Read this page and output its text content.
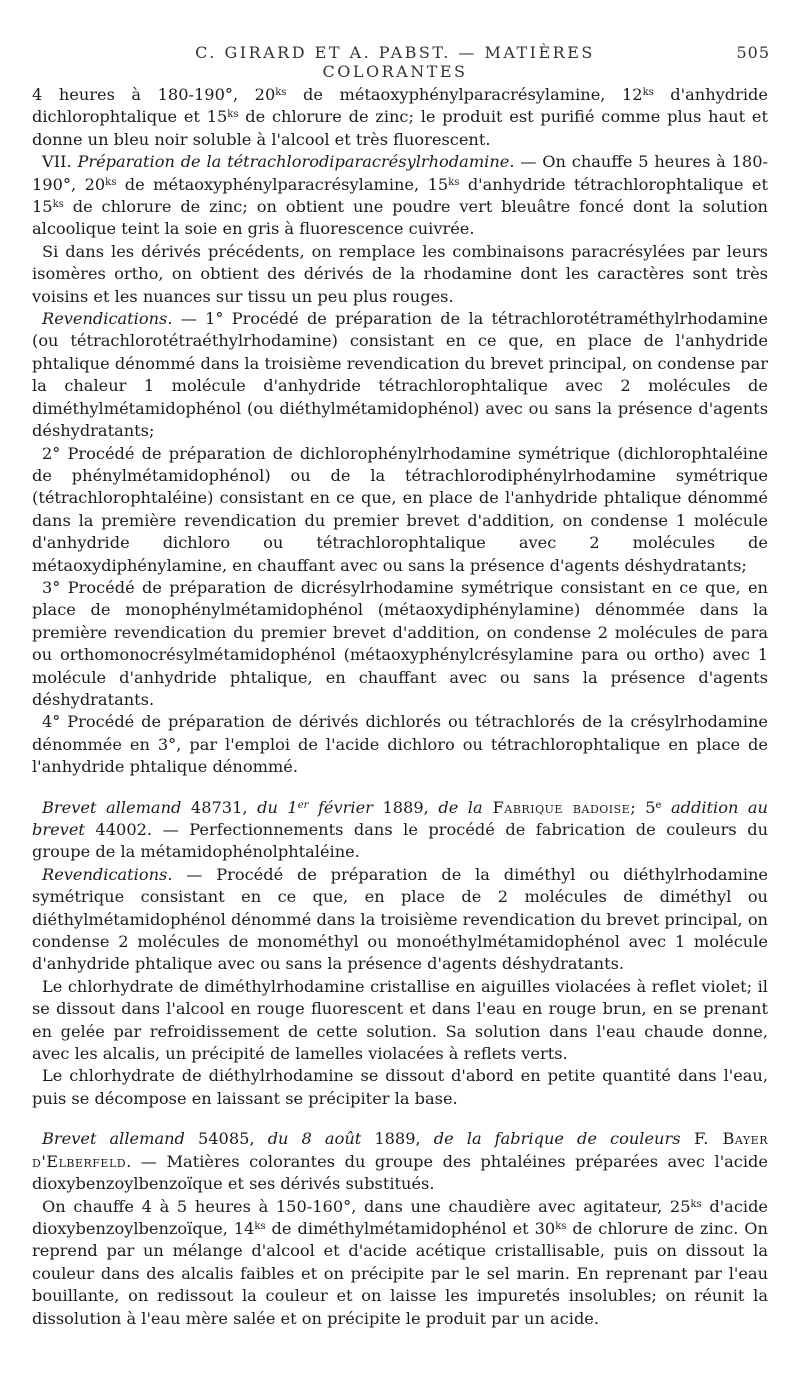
C. GIRARD ET A. PABST. — MATIÈRES COLORANTES
505

4 heures à 180-190°, $20^{ks}$ de métaoxyphénylparacrésylamine, $12^{ks}$ d'anhydride dichlorophtalique et $15^{ks}$ de chlorure de zinc; le produit est purifié comme plus haut et donne un bleu noir soluble à l'alcool et très fluorescent.

VII. Préparation de la tétrachlorodiparacrésylrhodamine. — On chauffe 5 heures à 180-190°, $20^{ks}$ de métaoxyphénylparacrésylamine, $15^{ks}$ d'anhydride tétrachlorophtalique et $15^{ks}$ de chlorure de zinc; on obtient une poudre vert bleuâtre foncé dont la solution alcoolique teint la soie en gris à fluorescence cuivrée.

Si dans les dérivés précédents, on remplace les combinaisons paracrésylées par leurs isomères ortho, on obtient des dérivés de la rhodamine dont les caractères sont très voisins et les nuances sur tissu un peu plus rouges.

Revendications. — 1° Procédé de préparation de la tétrachlorotétraméthylrhodamine (ou tétrachlorotétraéthylrhodamine) consistant en ce que, en place de l'anhydride phtalique dénommé dans la troisième revendication du brevet principal, on condense par la chaleur 1 molécule d'anhydride tétrachlorophtalique avec 2 molécules de diméthylmétamidophénol (ou diéthylmétamidophénol) avec ou sans la présence d'agents déshydratants;

2° Procédé de préparation de dichlorophénylrhodamine symétrique (dichlorophtaléine de phénylmétamidophénol) ou de la tétrachlorodiphénylrhodamine symétrique (tétrachlorophtaléine) consistant en ce que, en place de l'anhydride phtalique dénommé dans la première revendication du premier brevet d'addition, on condense 1 molécule d'anhydride dichloro ou tétrachlorophtalique avec 2 molécules de métaoxydiphénylamine, en chauffant avec ou sans la présence d'agents déshydratants;

3° Procédé de préparation de dicrésylrhodamine symétrique consistant en ce que, en place de monophénylmétamidophénol (métaoxydiphénylamine) dénommée dans la première revendication du premier brevet d'addition, on condense 2 molécules de para ou orthomonocrésylmétamidophénol (métaoxyphénylcrésylamine para ou ortho) avec 1 molécule d'anhydride phtalique, en chauffant avec ou sans la présence d'agents déshydratants.

4° Procédé de préparation de dérivés dichlorés ou tétrachlorés de la crésylrhodamine dénommée en 3°, par l'emploi de l'acide dichloro ou tétrachlorophtalique en place de l'anhydride phtalique dénommé.

Brevet allemand 48731, du 1er février 1889, de la Fabrique badoise; 5e addition au brevet 44002. — Perfectionnements dans le procédé de fabrication de couleurs du groupe de la métamidophénolphtaléine.

Revendications. — Procédé de préparation de la diméthyl ou diéthylrhodamine symétrique consistant en ce que, en place de 2 molécules de diméthyl ou diéthylmétamidophénol dénommé dans la troisième revendication du brevet principal, on condense 2 molécules de monométhyl ou monoéthylmétamidophénol avec 1 molécule d'anhydride phtalique avec ou sans la présence d'agents déshydratants.

Le chlorhydrate de diméthylrhodamine cristallise en aiguilles violacées à reflet violet; il se dissout dans l'alcool en rouge fluorescent et dans l'eau en rouge brun, en se prenant en gelée par refroidissement de cette solution. Sa solution dans l'eau chaude donne, avec les alcalis, un précipité de lamelles violacées à reflets verts.

Le chlorhydrate de diéthylrhodamine se dissout d'abord en petite quantité dans l'eau, puis se décompose en laissant se précipiter la base.

Brevet allemand 54085, du 8 août 1889, de la fabrique de couleurs F. Bayer d'Elberfeld. — Matières colorantes du groupe des phtaléines préparées avec l'acide dioxybenzoylbenzoïque et ses dérivés substitués.

On chauffe 4 à 5 heures à 150-160°, dans une chaudière avec agitateur, $25^{ks}$ d'acide dioxybenzoylbenzoïque, $14^{ks}$ de diméthylmétamidophénol et $30^{ks}$ de chlorure de zinc. On reprend par un mélange d'alcool et d'acide acétique cristallisable, puis on dissout la couleur dans des alcalis faibles et on précipite par le sel marin. En reprenant par l'eau bouillante, on redissout la couleur et on laisse les impuretés insolubles; on réunit la dissolution à l'eau mère salée et on précipite le produit par un acide.
